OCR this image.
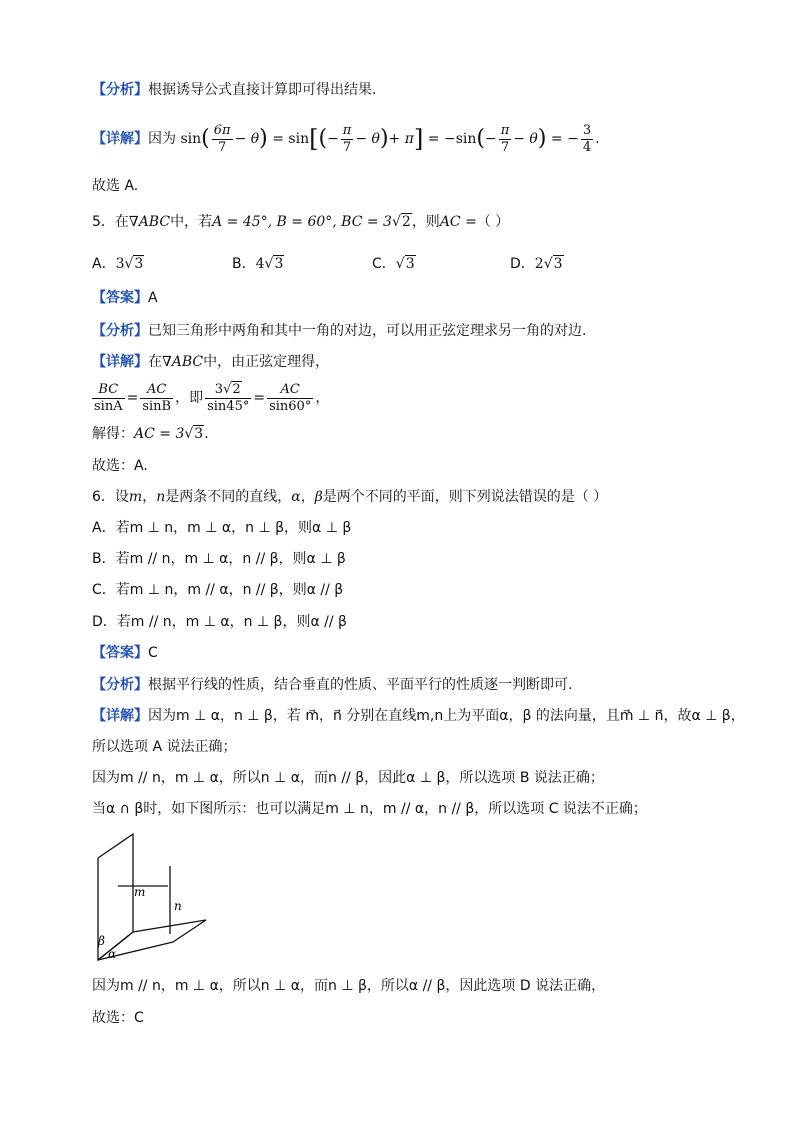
【分析】根据诱导公式直接计算即可得出结果.
【详解】因为 $\sin( \frac{6\pi}{7} - \theta) = \sin[(- \frac{\pi}{7} - \theta)+ \pi] = -\sin(- \frac{\pi}{7} - \theta)$ = − $\frac{3}{4}$ .
故选 A.
5．在∇ABC中，若A = 45°, B = 60°, BC = 3√2，则AC =（ ）
A．3√3	B．4√3	C．√3	D．2√3
【答案】A
【分析】已知三角形中两角和其中一角的对边，可以用正弦定理求另一角的对边.
【详解】在∇ABC中，由正弦定理得，
$\frac{BC}{\sin A} = \frac{AC}{\sin B}$ ，即 $\frac{3√2}{\sin 45^\circ} = \frac{AC}{\sin 60^\circ}$ ，
解得：AC = 3√3.
故选：A.
6．设m，n是两条不同的直线，α，β是两个不同的平面，则下列说法错误的是（ ）
A．若m ⊥ n，m ⊥ α，n ⊥ β，则α ⊥ β
B．若m // n，m ⊥ α，n // β，则α ⊥ β
C．若m ⊥ n，m // α，n // β，则α // β
D．若m // n，m ⊥ α，n ⊥ β，则α // β
【答案】C
【分析】根据平行线的性质，结合垂直的性质、平面平行的性质逐一判断即可.
【详解】因为m ⊥ α，n ⊥ β，若 m⃗，n⃗ 分别在直线m,n上为平面α，β 的法向量，且m⃗ ⊥ n⃗，故α ⊥ β，
所以选项 A 说法正确；
因为m // n，m ⊥ α，所以n ⊥ α，而n // β，因此α ⊥ β，所以选项 B 说法正确；
当α ∩ β时，如下图所示：也可以满足m ⊥ n，m // α，n // β，所以选项 C 说法不正确；
m
n
β
α
因为m // n，m ⊥ α，所以n ⊥ α，而n ⊥ β，所以α // β，因此选项 D 说法正确，
故选：C
